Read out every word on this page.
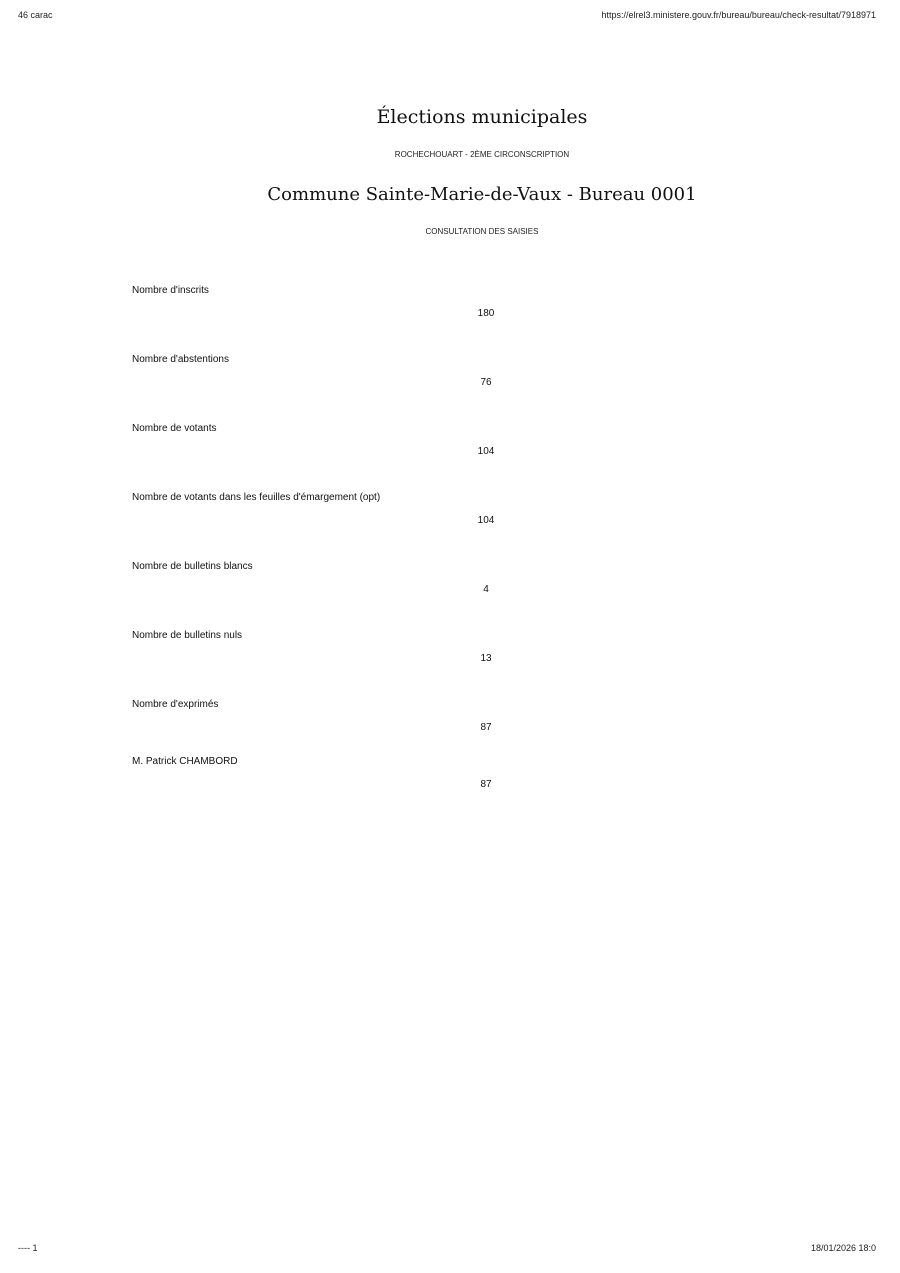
46 carac	https://elrel3.ministere.gouv.fr/bureau/bureau/check-resultat/7918971
Élections municipales
ROCHECHOUART - 2ÈME CIRCONSCRIPTION
Commune Sainte-Marie-de-Vaux - Bureau 0001
CONSULTATION DES SAISIES
Nombre d'inscrits
180
Nombre d'abstentions
76
Nombre de votants
104
Nombre de votants dans les feuilles d'émargement (opt)
104
Nombre de bulletins blancs
4
Nombre de bulletins nuls
13
Nombre d'exprimés
87
M. Patrick CHAMBORD
87
---- 1	18/01/2026 18:0
